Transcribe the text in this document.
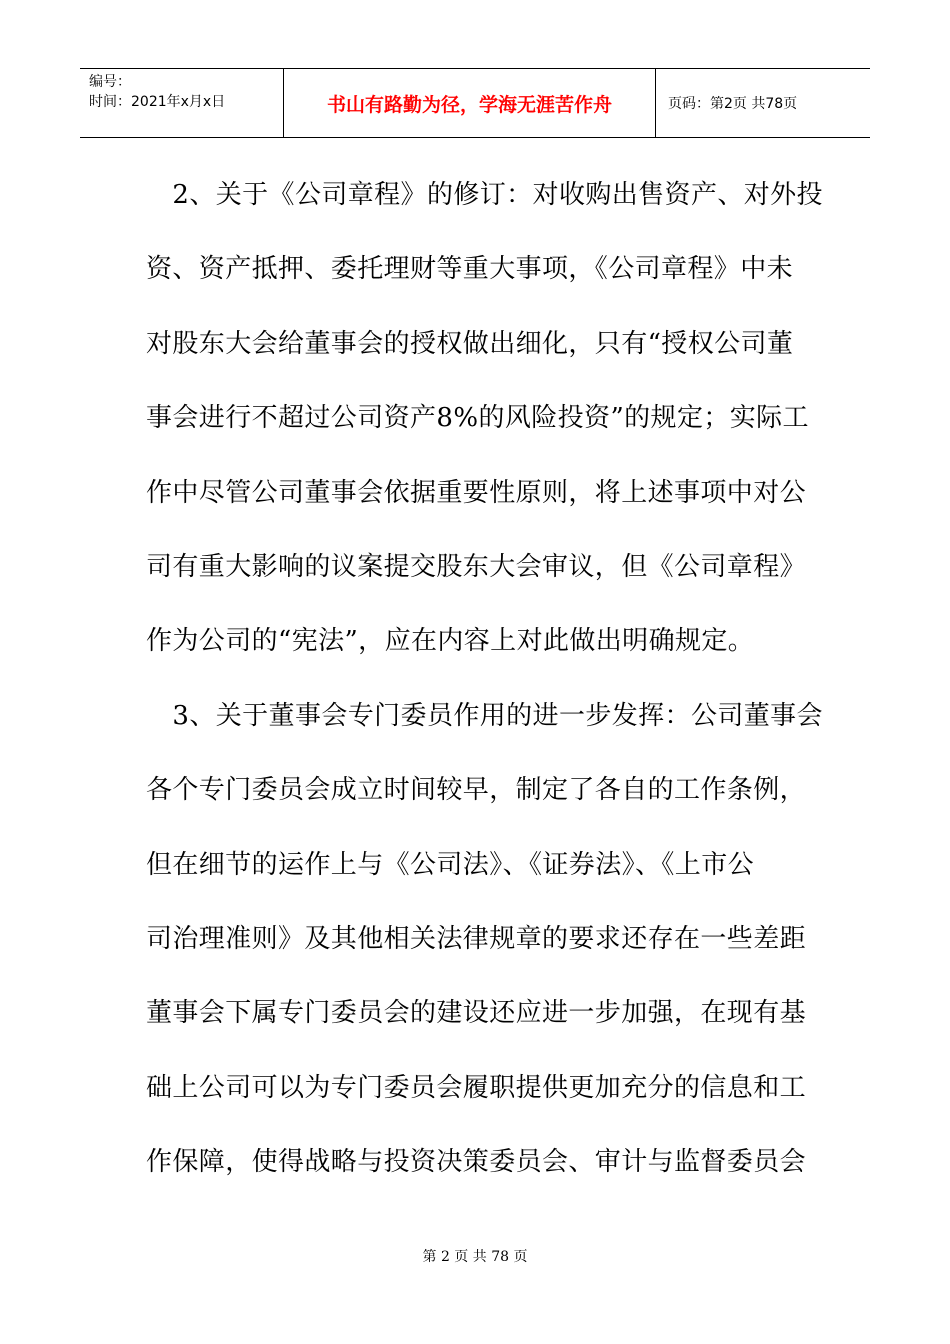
编号：
时间：2021年x月x日	书山有路勤为径，学海无涯苦作舟	页码：第2页 共78页
　2、关于《公司章程》的修订：对收购出售资产、对外投
资、资产抵押、委托理财等重大事项，《公司章程》中未
对股东大会给董事会的授权做出细化，只有“授权公司董
事会进行不超过公司资产8%的风险投资”的规定；实际工
作中尽管公司董事会依据重要性原则，将上述事项中对公
司有重大影响的议案提交股东大会审议，但《公司章程》
作为公司的“宪法”，应在内容上对此做出明确规定。
　3、关于董事会专门委员作用的进一步发挥：公司董事会
各个专门委员会成立时间较早，制定了各自的工作条例，
但在细节的运作上与《公司法》、《证券法》、《上市公
司治理准则》及其他相关法律规章的要求还存在一些差距
董事会下属专门委员会的建设还应进一步加强，在现有基
础上公司可以为专门委员会履职提供更加充分的信息和工
作保障，使得战略与投资决策委员会、审计与监督委员会
第 2 页 共 78 页
